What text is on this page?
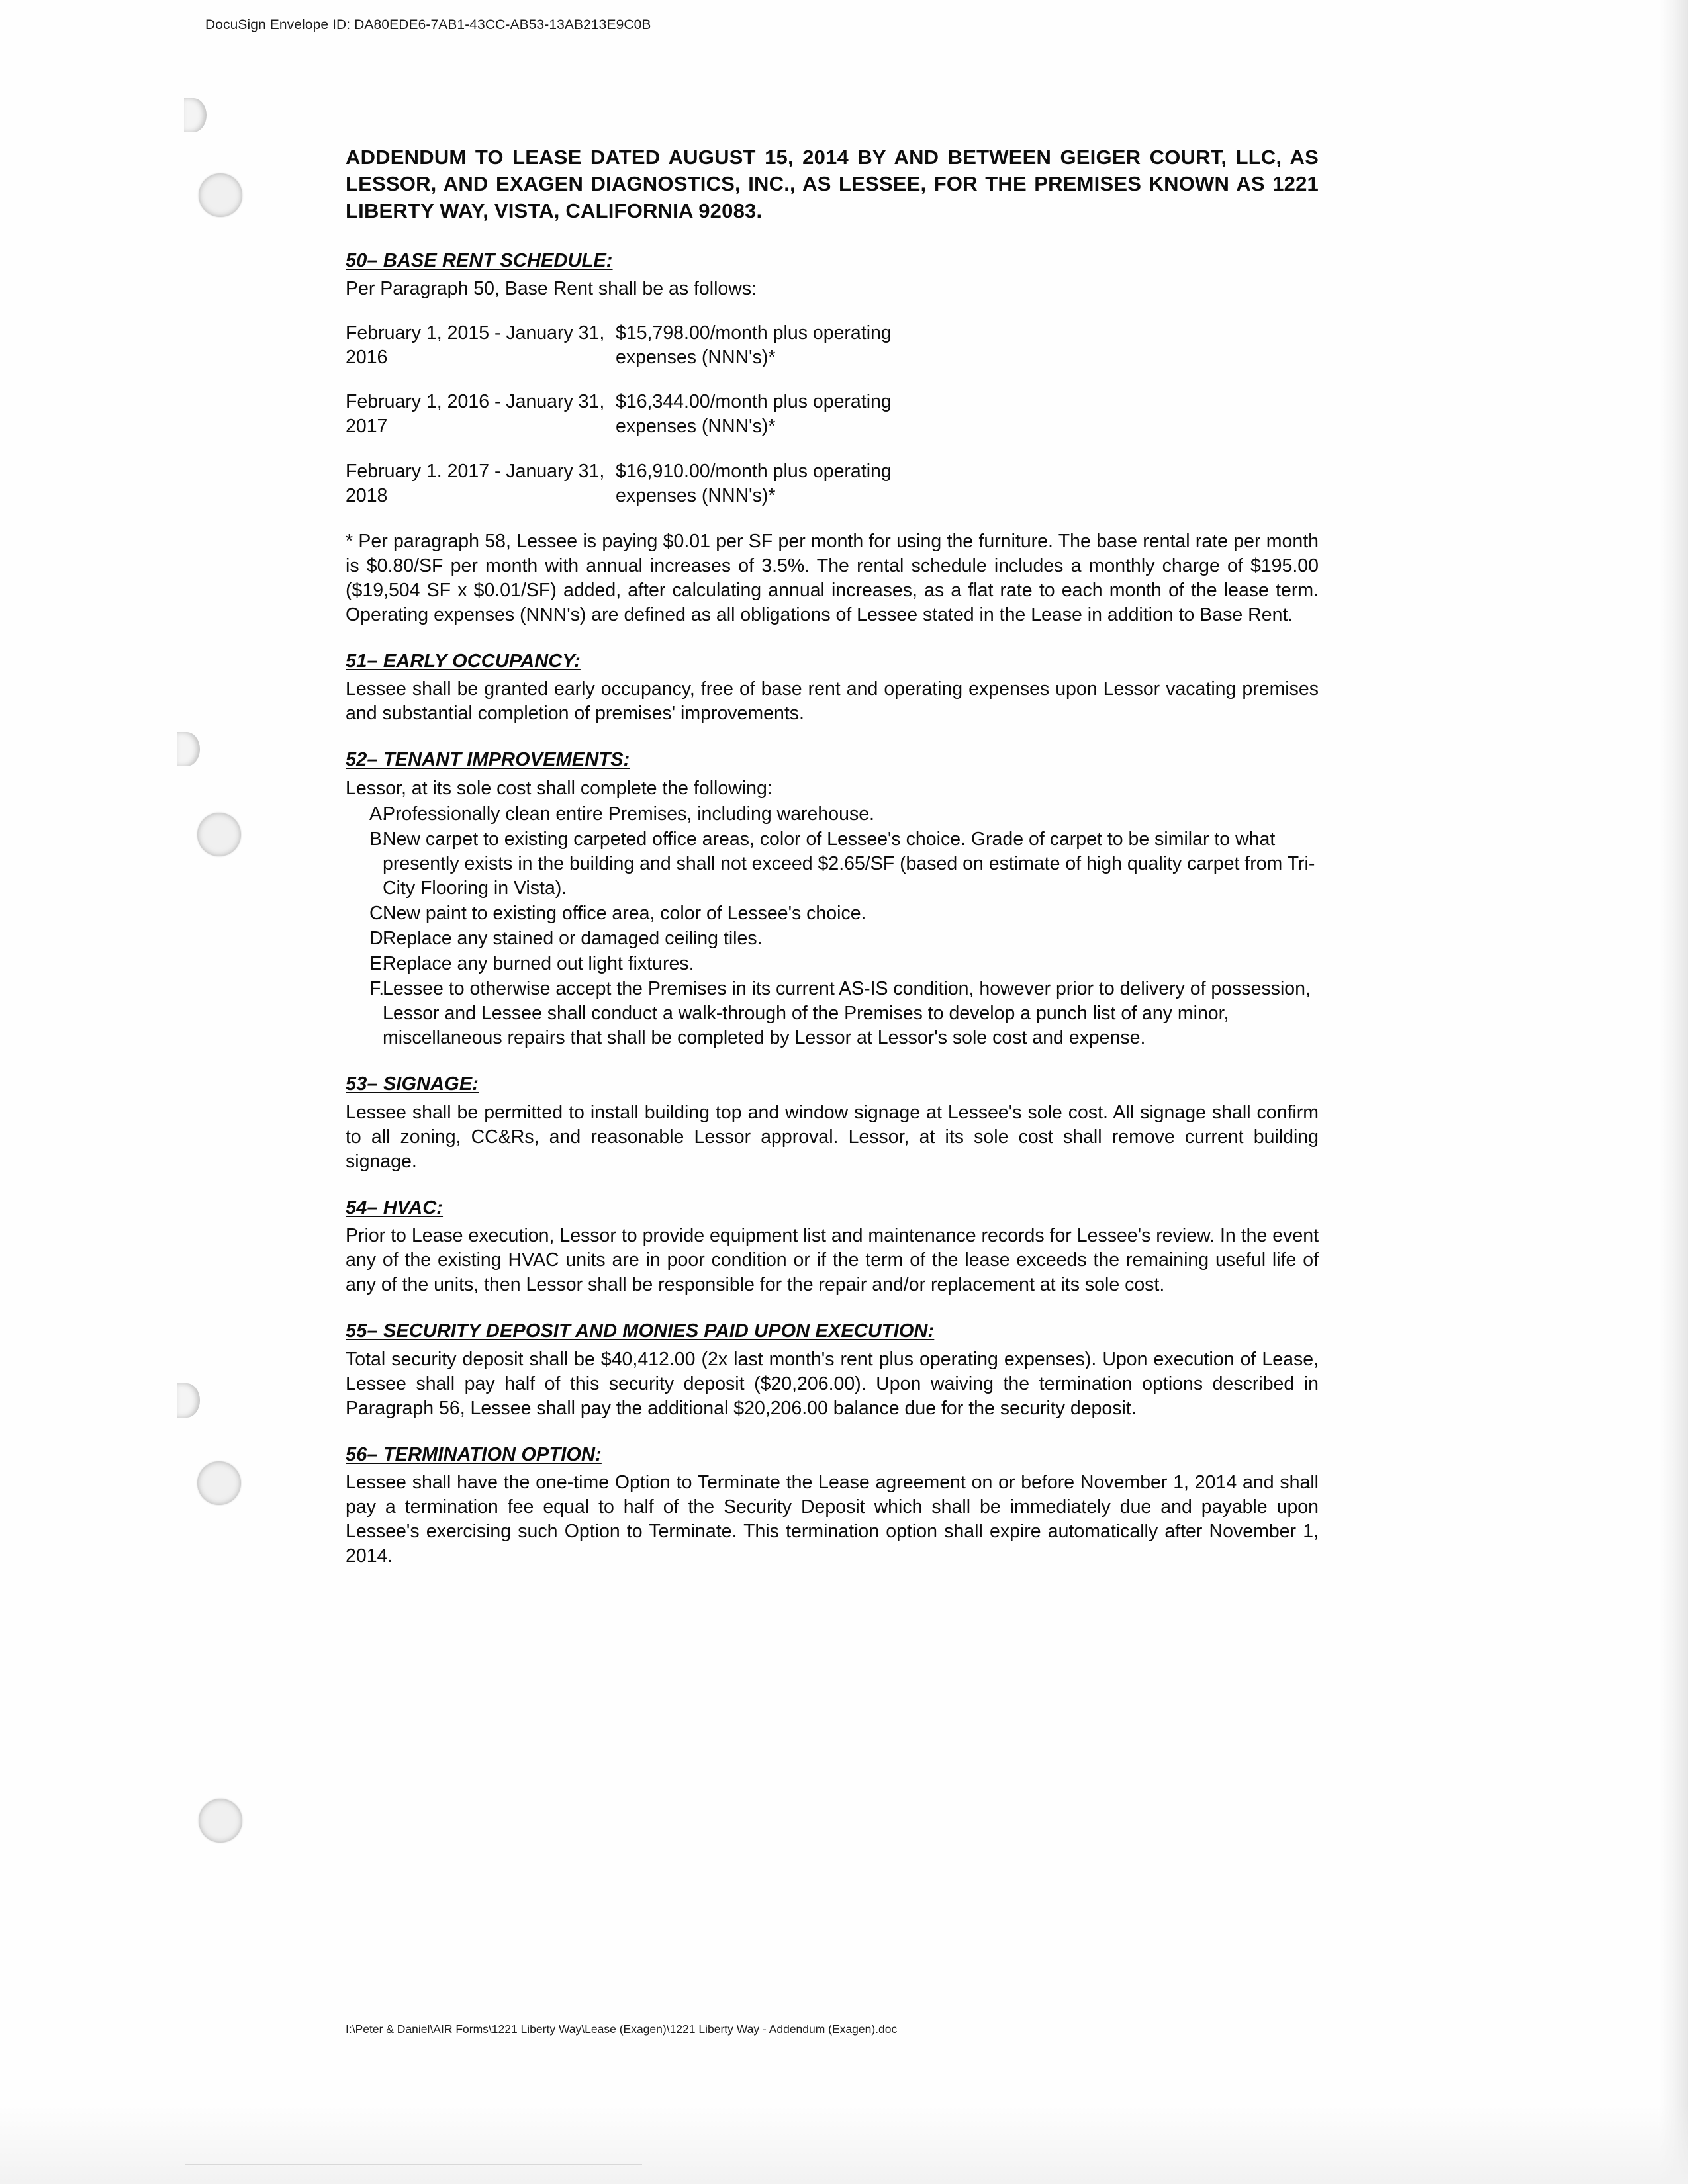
DocuSign Envelope ID: DA80EDE6-7AB1-43CC-AB53-13AB213E9C0B
ADDENDUM TO LEASE DATED AUGUST 15, 2014 BY AND BETWEEN GEIGER COURT, LLC, AS LESSOR, AND EXAGEN DIAGNOSTICS, INC., AS LESSEE, FOR THE PREMISES KNOWN AS 1221 LIBERTY WAY, VISTA, CALIFORNIA 92083.
50– BASE RENT SCHEDULE:

Per Paragraph 50, Base Rent shall be as follows:

February 1, 2015 - January 31, 2016
$15,798.00/month plus operating expenses (NNN's)*
February 1, 2016 - January 31, 2017
$16,344.00/month plus operating expenses (NNN's)*
February 1. 2017 - January 31, 2018
$16,910.00/month plus operating expenses (NNN's)*

* Per paragraph 58, Lessee is paying $0.01 per SF per month for using the furniture. The base rental rate per month is $0.80/SF per month with annual increases of 3.5%. The rental schedule includes a monthly charge of $195.00 ($19,504 SF x $0.01/SF) added, after calculating annual increases, as a flat rate to each month of the lease term. Operating expenses (NNN's) are defined as all obligations of Lessee stated in the Lease in addition to Base Rent.

51– EARLY OCCUPANCY:

Lessee shall be granted early occupancy, free of base rent and operating expenses upon Lessor vacating premises and substantial completion of premises' improvements.

52– TENANT IMPROVEMENTS:

Lessor, at its sole cost shall complete the following:

A.
Professionally clean entire Premises, including warehouse.
B.
New carpet to existing carpeted office areas, color of Lessee's choice. Grade of carpet to be similar to what presently exists in the building and shall not exceed $2.65/SF (based on estimate of high quality carpet from Tri-City Flooring in Vista).
C.
New paint to existing office area, color of Lessee's choice.
D.
Replace any stained or damaged ceiling tiles.
E.
Replace any burned out light fixtures.
F.
Lessee to otherwise accept the Premises in its current AS-IS condition, however prior to delivery of possession, Lessor and Lessee shall conduct a walk-through of the Premises to develop a punch list of any minor, miscellaneous repairs that shall be completed by Lessor at Lessor's sole cost and expense.
53– SIGNAGE:

Lessee shall be permitted to install building top and window signage at Lessee's sole cost. All signage shall confirm to all zoning, CC&Rs, and reasonable Lessor approval. Lessor, at its sole cost shall remove current building signage.

54– HVAC:

Prior to Lease execution, Lessor to provide equipment list and maintenance records for Lessee's review. In the event any of the existing HVAC units are in poor condition or if the term of the lease exceeds the remaining useful life of any of the units, then Lessor shall be responsible for the repair and/or replacement at its sole cost.

55– SECURITY DEPOSIT AND MONIES PAID UPON EXECUTION:

Total security deposit shall be $40,412.00 (2x last month's rent plus operating expenses). Upon execution of Lease, Lessee shall pay half of this security deposit ($20,206.00). Upon waiving the termination options described in Paragraph 56, Lessee shall pay the additional $20,206.00 balance due for the security deposit.

56– TERMINATION OPTION:

Lessee shall have the one-time Option to Terminate the Lease agreement on or before November 1, 2014 and shall pay a termination fee equal to half of the Security Deposit which shall be immediately due and payable upon Lessee's exercising such Option to Terminate. This termination option shall expire automatically after November 1, 2014.

I:\Peter & Daniel\AIR Forms\1221 Liberty Way\Lease (Exagen)\1221 Liberty Way - Addendum (Exagen).doc
